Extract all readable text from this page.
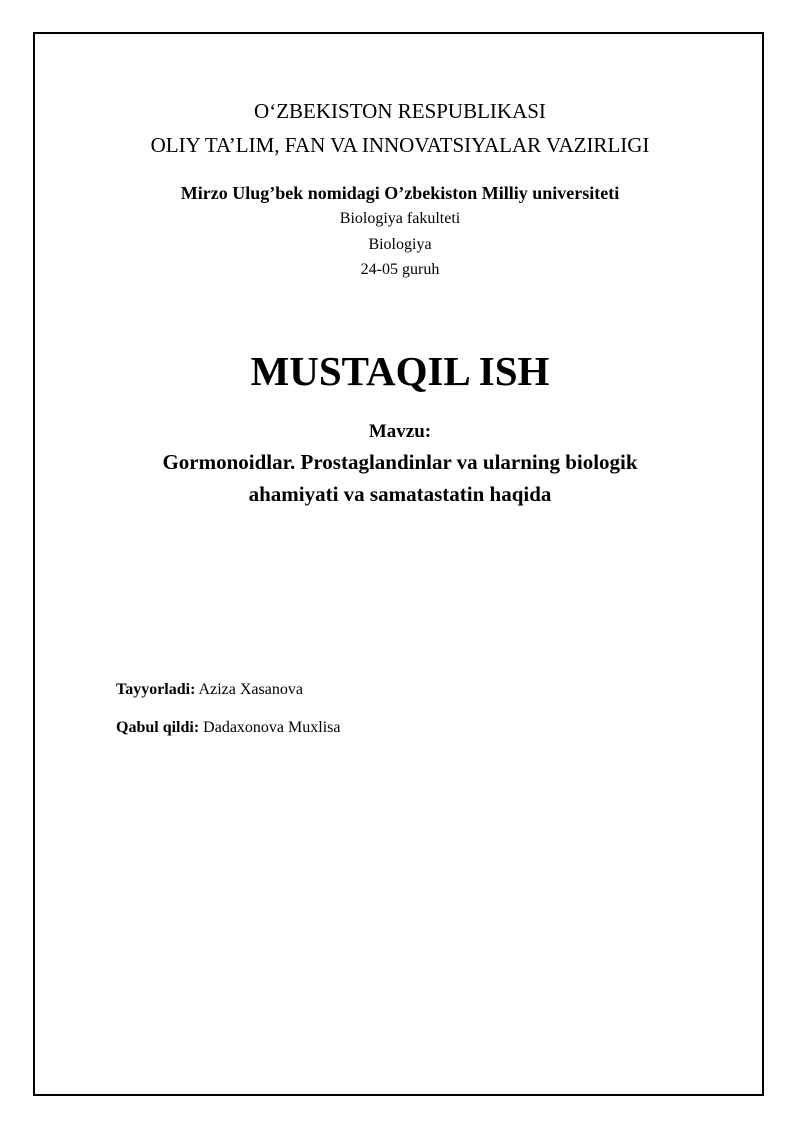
O‘ZBEKISTON RESPUBLIKASI
OLIY TA’LIM, FAN VA INNOVATSIYALAR VAZIRLIGI
Mirzo Ulug’bek nomidagi O’zbekiston Milliy universiteti
Biologiya fakulteti
Biologiya
24-05 guruh
MUSTAQIL ISH
Mavzu:
Gormonoidlar. Prostaglandinlar va ularning biologik
ahamiyati va samatastatin haqida
Tayyorladi: Aziza Xasanova
Qabul qildi: Dadaxonova Muxlisa
